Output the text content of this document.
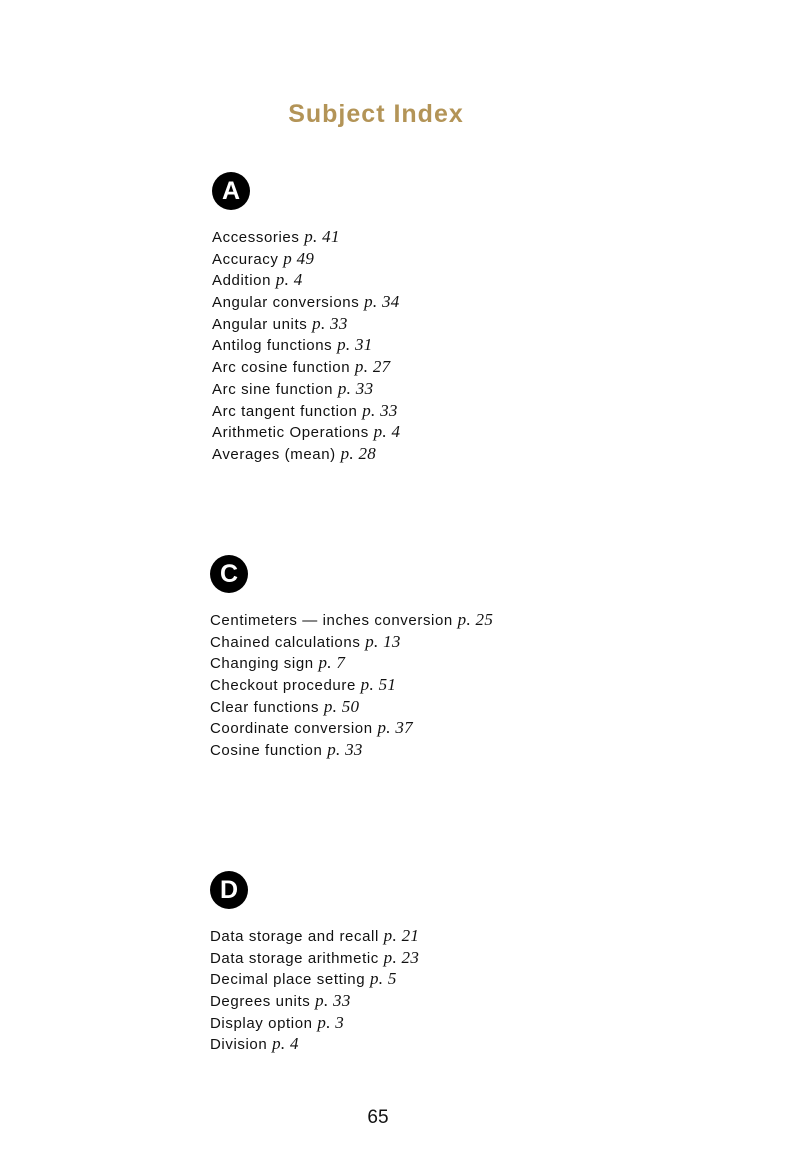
Subject Index
A
Accessories p. 41
Accuracy p 49
Addition p. 4
Angular conversions p. 34
Angular units p. 33
Antilog functions p. 31
Arc cosine function p. 27
Arc sine function p. 33
Arc tangent function p. 33
Arithmetic Operations p. 4
Averages (mean) p. 28
C
Centimeters — inches conversion p. 25
Chained calculations p. 13
Changing sign p. 7
Checkout procedure p. 51
Clear functions p. 50
Coordinate conversion p. 37
Cosine function p. 33
D
Data storage and recall p. 21
Data storage arithmetic p. 23
Decimal place setting p. 5
Degrees units p. 33
Display option p. 3
Division p. 4
65
